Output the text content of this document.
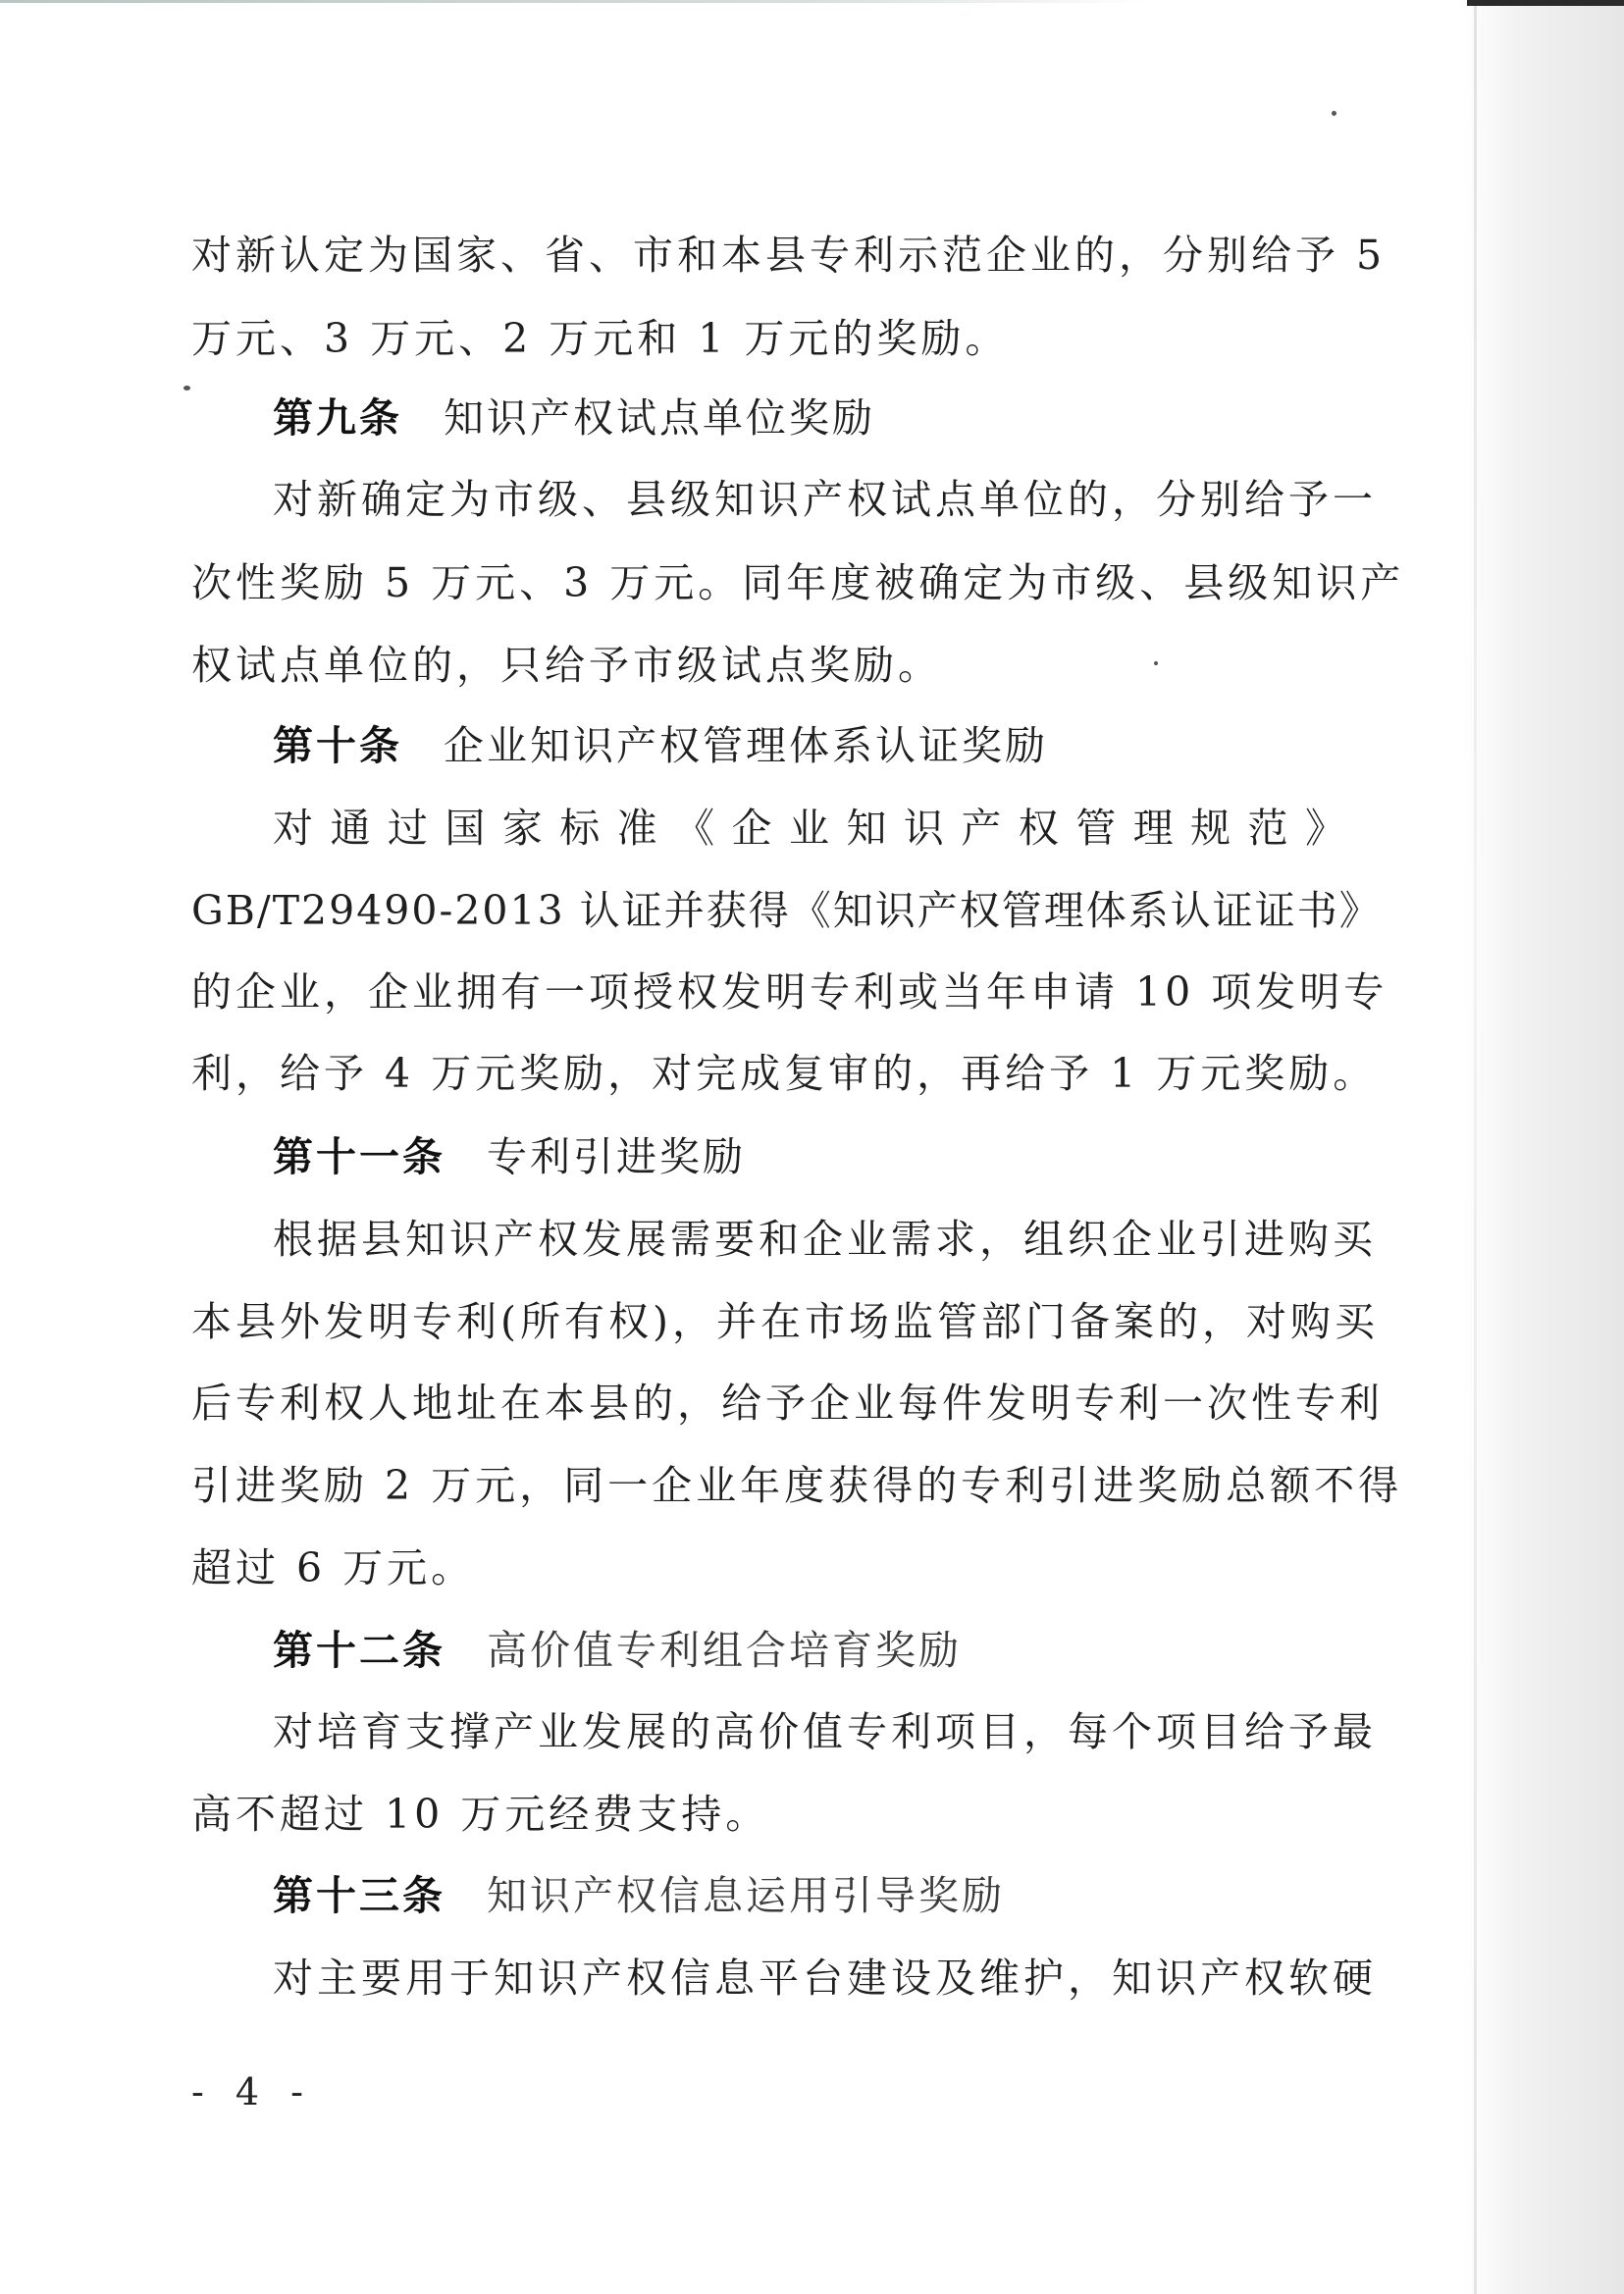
对新认定为国家、省、市和本县专利示范企业的，分别给予 5
万元、3 万元、2 万元和 1 万元的奖励。
第九条 知识产权试点单位奖励
对新确定为市级、县级知识产权试点单位的，分别给予一
次性奖励 5 万元、3 万元。同年度被确定为市级、县级知识产
权试点单位的，只给予市级试点奖励。
第十条 企业知识产权管理体系认证奖励
对通过国家标准《企业知识产权管理规范》
GB/T29490-2013 认证并获得《知识产权管理体系认证证书》
的企业，企业拥有一项授权发明专利或当年申请 10 项发明专
利，给予 4 万元奖励，对完成复审的，再给予 1 万元奖励。
第十一条 专利引进奖励
根据县知识产权发展需要和企业需求，组织企业引进购买
本县外发明专利(所有权)，并在市场监管部门备案的，对购买
后专利权人地址在本县的，给予企业每件发明专利一次性专利
引进奖励 2 万元，同一企业年度获得的专利引进奖励总额不得
超过 6 万元。
第十二条 高价值专利组合培育奖励
对培育支撑产业发展的高价值专利项目，每个项目给予最
高不超过 10 万元经费支持。
第十三条 知识产权信息运用引导奖励
对主要用于知识产权信息平台建设及维护，知识产权软硬
- 4 -
